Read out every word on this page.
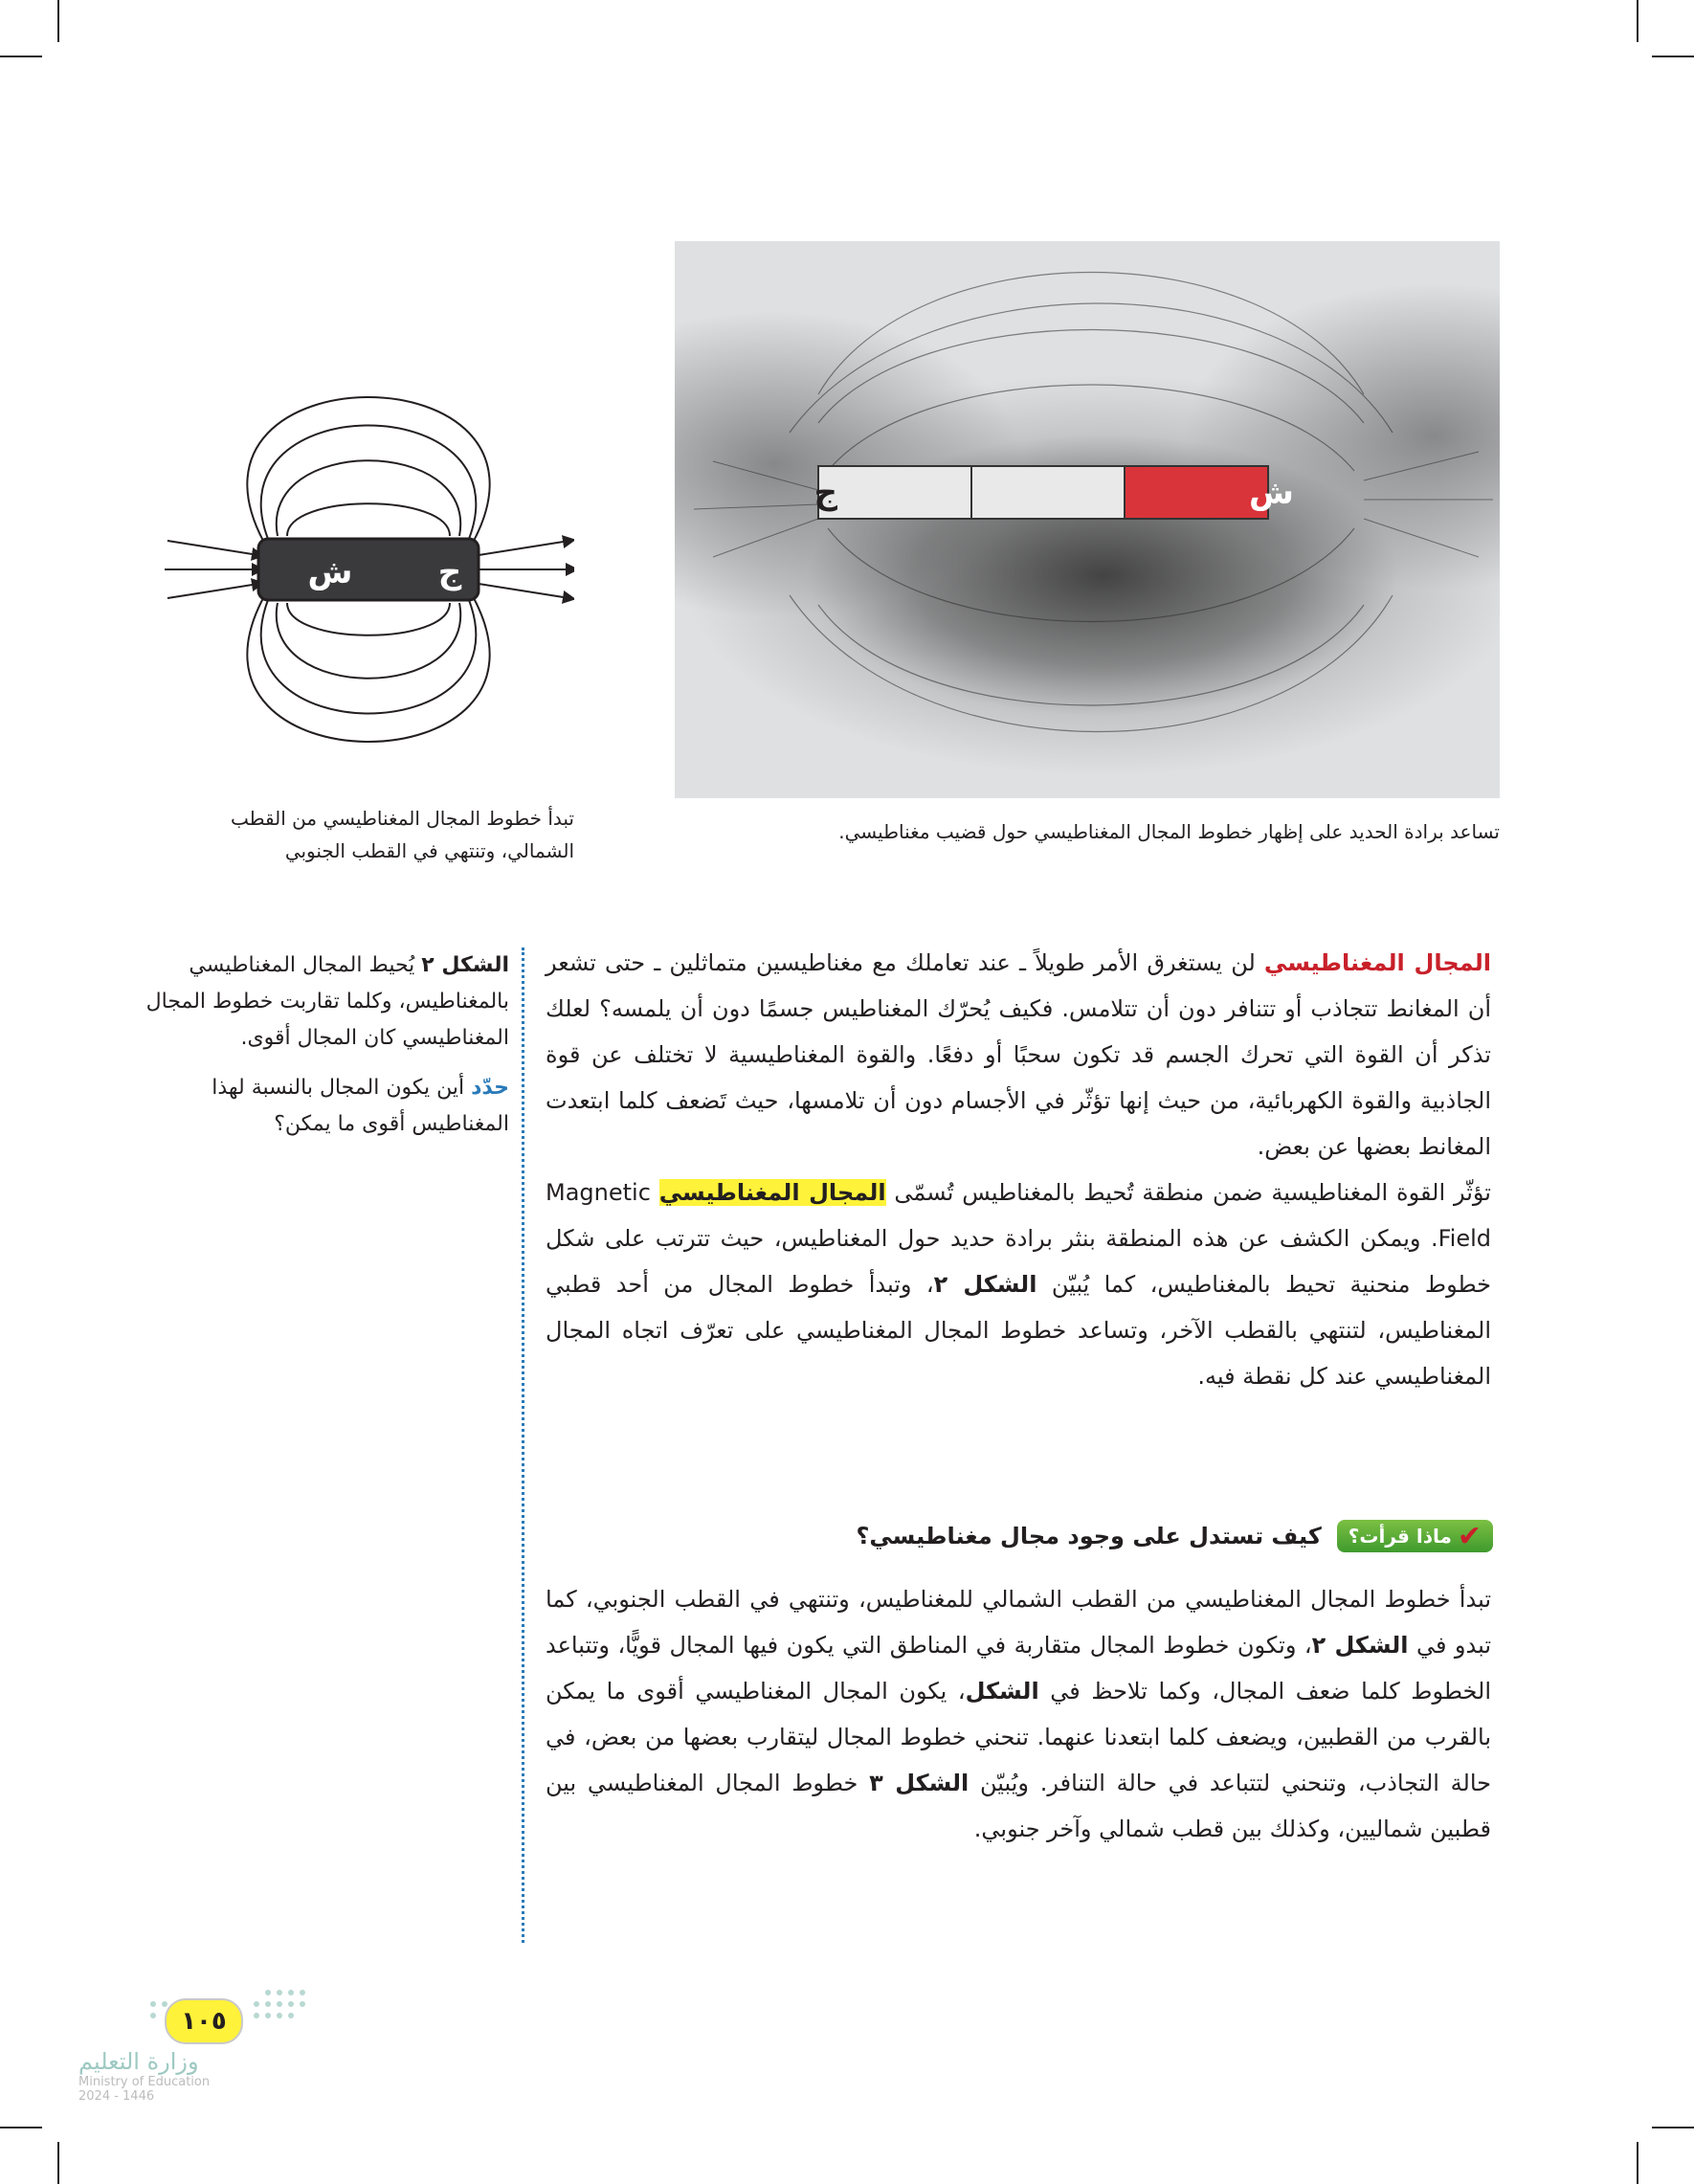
ش
ج
تساعد برادة الحديد على إظهار خطوط المجال المغناطيسي حول قضيب مغناطيسي.
ج
ش
تبدأ خطوط المجال المغناطيسي من القطب الشمالي، وتنتهي في القطب الجنوبي

المجال المغناطيسي لن يستغرق الأمر طويلاً ـ عند تعاملك مع مغناطيسين متماثلين ـ حتى تشعر أن المغانط تتجاذب أو تتنافر دون أن تتلامس. فكيف يُحرّك المغناطيس جسمًا دون أن يلمسه؟ لعلك تذكر أن القوة التي تحرك الجسم قد تكون سحبًا أو دفعًا. والقوة المغناطيسية لا تختلف عن قوة الجاذبية والقوة الكهربائية، من حيث إنها تؤثّر في الأجسام دون أن تلامسها، حيث تَضعف كلما ابتعدت المغانط بعضها عن بعض.

تؤثّر القوة المغناطيسية ضمن منطقة تُحيط بالمغناطيس تُسمّى المجال المغناطيسي Magnetic Field. ويمكن الكشف عن هذه المنطقة بنثر برادة حديد حول المغناطيس، حيث تترتب على شكل خطوط منحنية تحيط بالمغناطيس، كما يُبيّن الشكل ٢، وتبدأ خطوط المجال من أحد قطبي المغناطيس، لتنتهي بالقطب الآخر، وتساعد خطوط المجال المغناطيسي على تعرّف اتجاه المجال المغناطيسي عند كل نقطة فيه.

✔
ماذا قرأت؟
كيف تستدل على وجود مجال مغناطيسي؟

تبدأ خطوط المجال المغناطيسي من القطب الشمالي للمغناطيس، وتنتهي في القطب الجنوبي، كما تبدو في الشكل ٢، وتكون خطوط المجال متقاربة في المناطق التي يكون فيها المجال قويًّا، وتتباعد الخطوط كلما ضعف المجال، وكما تلاحظ في الشكل، يكون المجال المغناطيسي أقوى ما يمكن بالقرب من القطبين، ويضعف كلما ابتعدنا عنهما. تنحني خطوط المجال ليتقارب بعضها من بعض، في حالة التجاذب، وتنحني لتتباعد في حالة التنافر. ويُبيّن الشكل ٣ خطوط المجال المغناطيسي بين قطبين شماليين، وكذلك بين قطب شمالي وآخر جنوبي.

الشكل ٢ يُحيط المجال المغناطيسي بالمغناطيس، وكلما تقاربت خطوط المجال المغناطيسي كان المجال أقوى.

حدّد أين يكون المجال بالنسبة لهذا المغناطيس أقوى ما يمكن؟

١٠٥
وزارة التعليم
Ministry of Education
2024 - 1446
